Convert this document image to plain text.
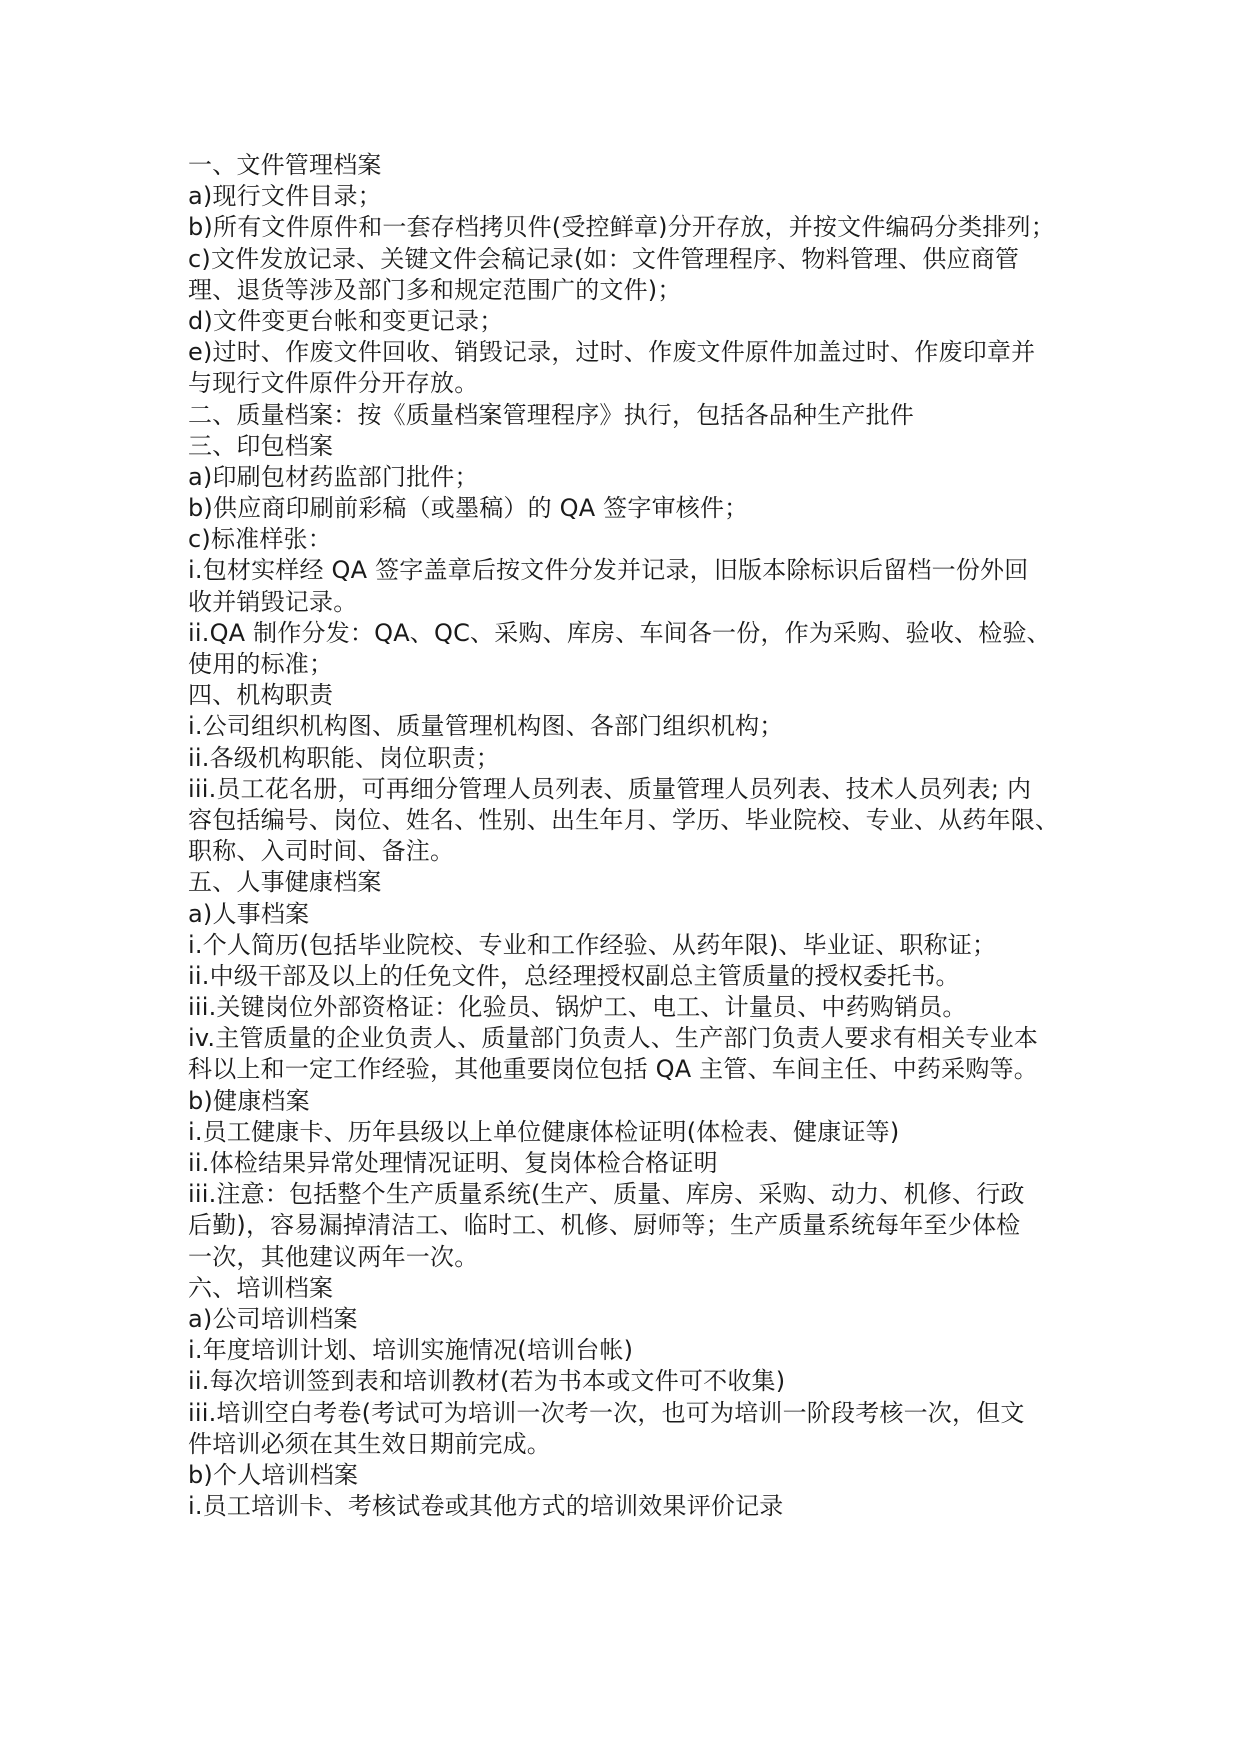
一、文件管理档案
a)现行文件目录；
b)所有文件原件和一套存档拷贝件(受控鲜章)分开存放，并按文件编码分类排列；
c)文件发放记录、关键文件会稿记录(如：文件管理程序、物料管理、供应商管
理、退货等涉及部门多和规定范围广的文件)；
d)文件变更台帐和变更记录；
e)过时、作废文件回收、销毁记录，过时、作废文件原件加盖过时、作废印章并
与现行文件原件分开存放。
二、质量档案：按《质量档案管理程序》执行，包括各品种生产批件
三、印包档案
a)印刷包材药监部门批件；
b)供应商印刷前彩稿（或墨稿）的 QA 签字审核件；
c)标准样张：
i.包材实样经 QA 签字盖章后按文件分发并记录，旧版本除标识后留档一份外回
收并销毁记录。
ii.QA 制作分发：QA、QC、采购、库房、车间各一份，作为采购、验收、检验、
使用的标准；
四、机构职责
i.公司组织机构图、质量管理机构图、各部门组织机构；
ii.各级机构职能、岗位职责；
iii.员工花名册，可再细分管理人员列表、质量管理人员列表、技术人员列表; 内
容包括编号、岗位、姓名、性别、出生年月、学历、毕业院校、专业、从药年限、
职称、入司时间、备注。
五、人事健康档案
a)人事档案
i.个人简历(包括毕业院校、专业和工作经验、从药年限)、毕业证、职称证；
ii.中级干部及以上的任免文件，总经理授权副总主管质量的授权委托书。
iii.关键岗位外部资格证：化验员、锅炉工、电工、计量员、中药购销员。
iv.主管质量的企业负责人、质量部门负责人、生产部门负责人要求有相关专业本
科以上和一定工作经验，其他重要岗位包括 QA 主管、车间主任、中药采购等。
b)健康档案
i.员工健康卡、历年县级以上单位健康体检证明(体检表、健康证等)
ii.体检结果异常处理情况证明、复岗体检合格证明
iii.注意：包括整个生产质量系统(生产、质量、库房、采购、动力、机修、行政
后勤)，容易漏掉清洁工、临时工、机修、厨师等；生产质量系统每年至少体检
一次，其他建议两年一次。
六、培训档案
a)公司培训档案
i.年度培训计划、培训实施情况(培训台帐)
ii.每次培训签到表和培训教材(若为书本或文件可不收集)
iii.培训空白考卷(考试可为培训一次考一次，也可为培训一阶段考核一次，但文
件培训必须在其生效日期前完成。
b)个人培训档案
i.员工培训卡、考核试卷或其他方式的培训效果评价记录
